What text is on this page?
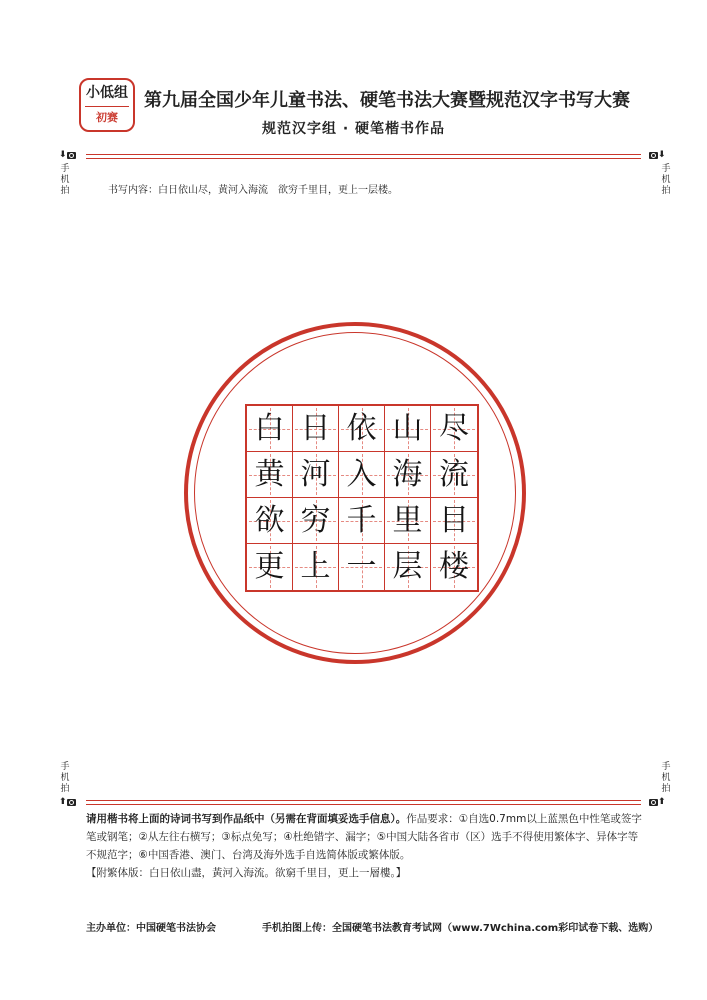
小低组
初赛
第九届全国少年儿童书法、硬笔书法大赛暨规范汉字书写大赛
规范汉字组 · 硬笔楷书作品
⬇
手机拍
⬇
手机拍
书写内容：白日依山尽，黄河入海流　欲穷千里目，更上一层楼。
白 日 依 山 尽
黄 河 入 海 流
欲 穷 千 里 目
更 上 一 层 楼
手机拍
⬆
手机拍
⬆

请用楷书将上面的诗词书写到作品纸中（另需在背面填妥选手信息）。作品要求：①自选0.7mm以上蓝黑色中性笔或签字笔或钢笔；②从左往右横写；③标点免写；④杜绝错字、漏字；⑤中国大陆各省市（区）选手不得使用繁体字、异体字等不规范字；⑥中国香港、澳门、台湾及海外选手自选简体版或繁体版。

【附繁体版：白日依山盡，黃河入海流。欲窮千里目，更上一層樓。】

主办单位：中国硬笔书法协会	手机拍图上传：全国硬笔书法教育考试网（www.7Wchina.com彩印试卷下载、选购）
